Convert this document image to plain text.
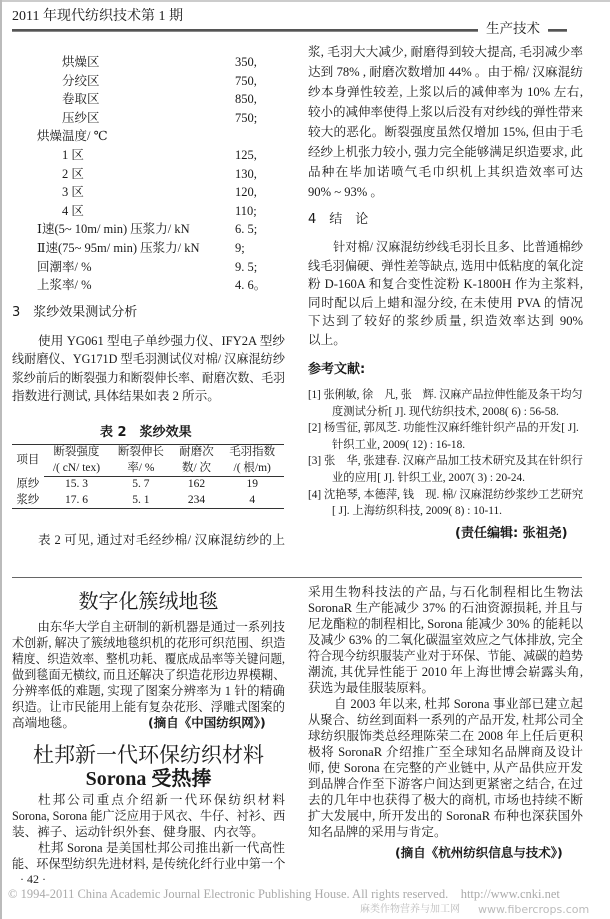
2011 年现代纺织技术第 1 期
生产技术
烘燥区	350,
分绞区	750,
卷取区	850,
压纱区	750;
烘燥温度/ ℃
1 区	125,
2 区	130,
3 区	120,
4 区	110;
Ⅰ速(5~ 10m/ min) 压浆力/ kN	6. 5;
Ⅱ速(75~ 95m/ min) 压浆力/ kN	9;
回潮率/ %	9. 5;
上浆率/ %	4. 6。
3　浆纱效果测试分析
使用 YG061 型电子单纱强力仪、IFY2A 型纱
线耐磨仪、YG171D 型毛羽测试仪对棉/ 汉麻混纺纱
浆纱前后的断裂强力和断裂伸长率、耐磨次数、毛羽
指数进行测试, 具体结果如表 2 所示。
表 2　浆纱效果
项目	断裂强度	断裂伸长	耐磨次	毛羽指数
	/( cN/ tex)	率/ %	数/ 次	/( 根/m)
原纱	15. 3	5. 7	162	19
浆纱	17. 6	5. 1	234	4
表 2 可见, 通过对毛经纱棉/ 汉麻混纺纱的上
浆, 毛羽大大减少, 耐磨得到较大提高, 毛羽减少率
达到 78% , 耐磨次数增加 44% 。由于棉/ 汉麻混纺
纱本身弹性较差, 上浆以后的减伸率为 10% 左右,
较小的减伸率使得上浆以后没有对纱线的弹性带来
较大的恶化。断裂强度虽然仅增加 15%, 但由于毛
经纱上机张力较小, 强力完全能够满足织造要求, 此
品种在毕加诺喷气毛巾织机上其织造效率可达
90% ~ 93% 。
4　结　论
针对棉/ 汉麻混纺纱线毛羽长且多、比普通棉纱
线毛羽偏硬、弹性差等缺点, 选用中低粘度的氧化淀
粉 D-160A 和复合变性淀粉 K-1800H 作为主浆料,
同时配以后上蜡和湿分绞, 在未使用 PVA 的情况
下达到了较好的浆纱质量, 织造效率达到 90%
以上。
参考文献:
[1] 张俐敏, 徐　凡, 张　辉. 汉麻产品拉伸性能及条干均匀
度测试分析[ J]. 现代纺织技术, 2008( 6) : 56-58.
[2] 杨雪征, 郭凤芝. 功能性汉麻纤维针织产品的开发[ J].
针织工业, 2009( 12) : 16-18.
[3] 张　华, 张建春. 汉麻产品加工技术研究及其在针织行
业的应用[ J]. 针织工业, 2007( 3) : 20-24.
[4] 沈艳琴, 本德萍, 钱　现. 棉/ 汉麻混纺纱浆纱工艺研究
[ J]. 上海纺织科技, 2009( 8) : 10-11.
(责任编辑: 张祖尧)
数字化簇绒地毯
由东华大学自主研制的新机器是通过一系列技
术创新, 解决了簇绒地毯织机的花形可织范围、织造
精度、织造效率、整机功耗、覆底成品率等关键问题,
做到毯面无横纹, 而且还解决了织造花形边界模糊、
分辨率低的难题, 实现了图案分辨率为 1 针的精确
织造。让市民能用上能有复杂花形、浮雕式图案的
高端地毯。	(摘自《中国纺织网》)
杜邦新一代环保纺织材料
Sorona 受热捧
杜邦公司重点介绍新一代环保纺织材料
Sorona, Sorona 能广泛应用于风衣、牛仔、衬衫、西
装、裤子、运动针织外套、健身服、内衣等。
杜邦 Sorona 是美国杜邦公司推出新一代高性
能、环保型纺织先进材料, 是传统化纤行业中第一个
采用生物科技法的产品, 与石化制程相比生物法
SoronaR 生产能减少 37% 的石油资源损耗, 并且与
尼龙酯粒的制程相比, Sorona 能减少 30% 的能耗以
及减少 63% 的二氧化碳温室效应之气体排放, 完全
符合现今纺织服装产业对于环保、节能、减碳的趋势
潮流, 其优异性能于 2010 年上海世博会崭露头角,
获选为最佳服装原料。
自 2003 年以来, 杜邦 Sorona 事业部已建立起
从聚合、纺丝到面料一系列的产品开发, 杜邦公司全
球纺织服饰类总经理陈荣二在 2008 年上任后更积
极将 SoronaR 介绍推广至全球知名品牌商及设计
师, 使 Sorona 在完整的产业链中, 从产品供应开发
到品牌合作至下游客户间达到更紧密之结合, 在过
去的几年中也获得了极大的商机, 市场也持续不断
扩大发展中, 所开发出的 SoronaR 布种也深获国外
知名品牌的采用与肯定。
(摘自《杭州纺织信息与技术》)
· 42 ·
© 1994-2011 China Academic Journal Electronic Publishing House. All rights reserved.　http://www.cnki.net
麻类作物营养与加工网 www.fibercrops.com
